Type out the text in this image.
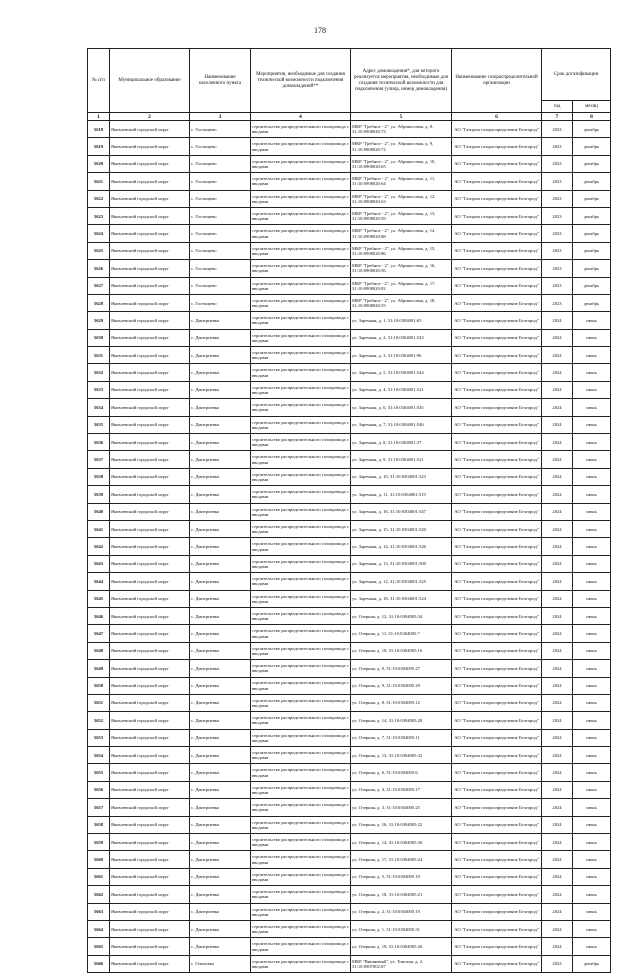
178
№ п/п	Муниципальное образование	Наименование населенного пункта	Мероприятия, необходимые для создания технической возможности подключения домовладений**	Адрес домовладения*, для которого реализуется мероприятия, необходимые для создания технической возможности для подключения (улица, номер домовладения)	Наименование газораспределительной организации	Срок догазификации	
						год	месяц
1	2	3	4	5	6	7	8
5618	Яковлевский городской округ	с. Гостищево	строительство распределительного газопровода с вводами	МКР "Гребное - 2", ул. Абрикосовая, д. 8, 31:10:0908020:73	АО "Газпром газораспределение Белгород"	2023	декабрь
5619	Яковлевский городской округ	с. Гостищево	строительство распределительного газопровода с вводами	МКР "Гребное - 2", ул. Абрикосовая, д. 9, 31:10:0908020:72	АО "Газпром газораспределение Белгород"	2023	декабрь
5620	Яковлевский городской округ	с. Гостищево	строительство распределительного газопровода с вводами	МКР "Гребное - 2", ул. Абрикосовая, д. 10, 31:10:0908020:65	АО "Газпром газораспределение Белгород"	2023	декабрь
5621	Яковлевский городской округ	с. Гостищево	строительство распределительного газопровода с вводами	МКР "Гребное - 2", ул. Абрикосовая, д. 11, 31:10:0908020:64	АО "Газпром газораспределение Белгород"	2023	декабрь
5622	Яковлевский городской округ	с. Гостищево	строительство распределительного газопровода с вводами	МКР "Гребное - 2", ул. Абрикосовая, д. 12, 31:10:0908020:63	АО "Газпром газораспределение Белгород"	2023	декабрь
5623	Яковлевский городской округ	с. Гостищево	строительство распределительного газопровода с вводами	МКР "Гребное - 2", ул. Абрикосовая, д. 13, 31:10:0908020:59	АО "Газпром газораспределение Белгород"	2023	декабрь
5624	Яковлевский городской округ	с. Гостищево	строительство распределительного газопровода с вводами	МКР "Гребное - 2", ул. Абрикосовая, д. 14, 31:10:0908020:88	АО "Газпром газораспределение Белгород"	2023	декабрь
5625	Яковлевский городской округ	с. Гостищево	строительство распределительного газопровода с вводами	МКР "Гребное - 2", ул. Абрикосовая, д. 15, 31:10:0908020:86	АО "Газпром газораспределение Белгород"	2023	декабрь
5626	Яковлевский городской округ	с. Гостищево	строительство распределительного газопровода с вводами	МКР "Гребное - 2", ул. Абрикосовая, д. 16, 31:10:0908020:56	АО "Газпром газораспределение Белгород"	2023	декабрь
5627	Яковлевский городской округ	с. Гостищево	строительство распределительного газопровода с вводами	МКР "Гребное - 2", ул. Абрикосовая, д. 17, 31:10:0908020:82	АО "Газпром газораспределение Белгород"	2023	декабрь
5628	Яковлевский городской округ	с. Гостищево	строительство распределительного газопровода с вводами	МКР "Гребное - 2", ул. Абрикосовая, д. 18, 31:10:0908020:55	АО "Газпром газораспределение Белгород"	2023	декабрь
5629	Яковлевский городской округ	с. Дмитриевка	строительство распределительного газопровода с вводами	ул. Заречная, д. 1, 31:10:0304001:65	АО "Газпром газораспределение Белгород"	2024	июнь
5630	Яковлевский городской округ	с. Дмитриевка	строительство распределительного газопровода с вводами	ул. Заречная, д. 2, 31:10:0304001:543	АО "Газпром газораспределение Белгород"	2024	июнь
5631	Яковлевский городской округ	с. Дмитриевка	строительство распределительного газопровода с вводами	ул. Заречная, д. 3, 31:10:0304001:96	АО "Газпром газораспределение Белгород"	2024	июнь
5632	Яковлевский городской округ	с. Дмитриевка	строительство распределительного газопровода с вводами	ул. Заречная, д. 5, 31:10:0304001:544	АО "Газпром газораспределение Белгород"	2024	июнь
5633	Яковлевский городской округ	с. Дмитриевка	строительство распределительного газопровода с вводами	ул. Заречная, д. 4, 31:10:0304001:521	АО "Газпром газораспределение Белгород"	2024	июнь
5634	Яковлевский городской округ	с. Дмитриевка	строительство распределительного газопровода с вводами	ул. Заречная, д. 6, 31:10:0304001:545	АО "Газпром газораспределение Белгород"	2024	июнь
5635	Яковлевский городской округ	с. Дмитриевка	строительство распределительного газопровода с вводами	ул. Заречная, д. 7, 31:10:0304001:546	АО "Газпром газораспределение Белгород"	2024	июнь
5636	Яковлевский городской округ	с. Дмитриевка	строительство распределительного газопровода с вводами	ул. Заречная, д. 8, 31:10:0304001:37	АО "Газпром газораспределение Белгород"	2024	июнь
5637	Яковлевский городской округ	с. Дмитриевка	строительство распределительного газопровода с вводами	ул. Заречная, д. 9, 31:10:0304001:521	АО "Газпром газораспределение Белгород"	2024	июнь
5638	Яковлевский городской округ	с. Дмитриевка	строительство распределительного газопровода с вводами	ул. Заречная, д. 10, 31:10:0304001:523	АО "Газпром газораспределение Белгород"	2024	июнь
5639	Яковлевский городской округ	с. Дмитриевка	строительство распределительного газопровода с вводами	ул. Заречная, д. 11, 31:10:0304001:519	АО "Газпром газораспределение Белгород"	2024	июнь
5640	Яковлевский городской округ	с. Дмитриевка	строительство распределительного газопровода с вводами	ул. Заречная, д. 16, 31:10:0304001:547	АО "Газпром газораспределение Белгород"	2024	июнь
5641	Яковлевский городской округ	с. Дмитриевка	строительство распределительного газопровода с вводами	ул. Заречная, д. 15, 31:10:0304001:520	АО "Газпром газораспределение Белгород"	2024	июнь
5642	Яковлевский городской округ	с. Дмитриевка	строительство распределительного газопровода с вводами	ул. Заречная, д. 14, 31:10:0304001:526	АО "Газпром газораспределение Белгород"	2024	июнь
5643	Яковлевский городской округ	с. Дмитриевка	строительство распределительного газопровода с вводами	ул. Заречная, д. 13, 31:10:0304001:500	АО "Газпром газораспределение Белгород"	2024	июнь
5644	Яковлевский городской округ	с. Дмитриевка	строительство распределительного газопровода с вводами	ул. Заречная, д. 12, 31:10:0304001:525	АО "Газпром газораспределение Белгород"	2024	июнь
5645	Яковлевский городской округ	с. Дмитриевка	строительство распределительного газопровода с вводами	ул. Заречная, д. 18, 31:10:0304001:524	АО "Газпром газораспределение Белгород"	2024	июнь
5646	Яковлевский городской округ	с. Дмитриевка	строительство распределительного газопровода с вводами	ул. Озерная, д. 12, 31:10:0304005:34	АО "Газпром газораспределение Белгород"	2024	июнь
5647	Яковлевский городской округ	с. Дмитриевка	строительство распределительного газопровода с вводами	ул. Озерная, д. 11, 31:10:0304005:7	АО "Газпром газораспределение Белгород"	2024	июнь
5648	Яковлевский городской округ	с. Дмитриевка	строительство распределительного газопровода с вводами	ул. Озерная, д. 10, 31:10:0304005:16	АО "Газпром газораспределение Белгород"	2024	июнь
5649	Яковлевский городской округ	с. Дмитриевка	строительство распределительного газопровода с вводами	ул. Озерная, д. 9, 31:10:0304005:27	АО "Газпром газораспределение Белгород"	2024	июнь
5650	Яковлевский городской округ	с. Дмитриевка	строительство распределительного газопровода с вводами	ул. Озерная, д. 9, 31:10:0304005:29	АО "Газпром газораспределение Белгород"	2024	июнь
5651	Яковлевский городской округ	с. Дмитриевка	строительство распределительного газопровода с вводами	ул. Озерная, д. 8, 31:10:0304005:12	АО "Газпром газораспределение Белгород"	2024	июнь
5652	Яковлевский городской округ	с. Дмитриевка	строительство распределительного газопровода с вводами	ул. Озерная, д. 14, 31:10:0304005:28	АО "Газпром газораспределение Белгород"	2024	июнь
5653	Яковлевский городской округ	с. Дмитриевка	строительство распределительного газопровода с вводами	ул. Озерная, д. 7, 31:10:0304005:11	АО "Газпром газораспределение Белгород"	2024	июнь
5654	Яковлевский городской округ	с. Дмитриевка	строительство распределительного газопровода с вводами	ул. Озерная, д. 13, 31:10:0304005:32	АО "Газпром газораспределение Белгород"	2024	июнь
5655	Яковлевский городской округ	с. Дмитриевка	строительство распределительного газопровода с вводами	ул. Озерная, д. 6, 31:10:0304005:6	АО "Газпром газораспределение Белгород"	2024	июнь
5656	Яковлевский городской округ	с. Дмитриевка	строительство распределительного газопровода с вводами	ул. Озерная, д. 4, 31:10:0304005:17	АО "Газпром газораспределение Белгород"	2024	июнь
5657	Яковлевский городской округ	с. Дмитриевка	строительство распределительного газопровода с вводами	ул. Озерная, д. 3, 31:10:0304005:25	АО "Газпром газораспределение Белгород"	2024	июнь
5658	Яковлевский городской округ	с. Дмитриевка	строительство распределительного газопровода с вводами	ул. Озерная, д. 16, 31:10:0304005:22	АО "Газпром газораспределение Белгород"	2024	июнь
5659	Яковлевский городской округ	с. Дмитриевка	строительство распределительного газопровода с вводами	ул. Озерная, д. 14, 31:10:0304005:30	АО "Газпром газораспределение Белгород"	2024	июнь
5660	Яковлевский городской округ	с. Дмитриевка	строительство распределительного газопровода с вводами	ул. Озерная, д. 17, 31:10:0304005:24	АО "Газпром газораспределение Белгород"	2024	июнь
5661	Яковлевский городской округ	с. Дмитриевка	строительство распределительного газопровода с вводами	ул. Озерная, д. 5, 31:10:0304005:10	АО "Газпром газораспределение Белгород"	2024	июнь
5662	Яковлевский городской округ	с. Дмитриевка	строительство распределительного газопровода с вводами	ул. Озерная, д. 18, 31:10:0304005:21	АО "Газпром газораспределение Белгород"	2024	июнь
5663	Яковлевский городской округ	с. Дмитриевка	строительство распределительного газопровода с вводами	ул. Озерная, д. 2, 31:10:0304005:19	АО "Газпром газораспределение Белгород"	2024	июнь
5664	Яковлевский городской округ	с. Дмитриевка	строительство распределительного газопровода с вводами	ул. Озерная, д. 1, 31:10:0304005:31	АО "Газпром газораспределение Белгород"	2024	июнь
5665	Яковлевский городской округ	с. Дмитриевка	строительство распределительного газопровода с вводами	ул. Озерная, д. 19, 31:10:0304005:26	АО "Газпром газораспределение Белгород"	2024	июнь
5666	Яковлевский городской округ	с. Ольховка	строительство распределительного газопровода с вводами	МКР "Вишневый", ул. Томская, д. 2, 31:10:0907002:87	АО "Газпром газораспределение Белгород"	2023	декабрь
